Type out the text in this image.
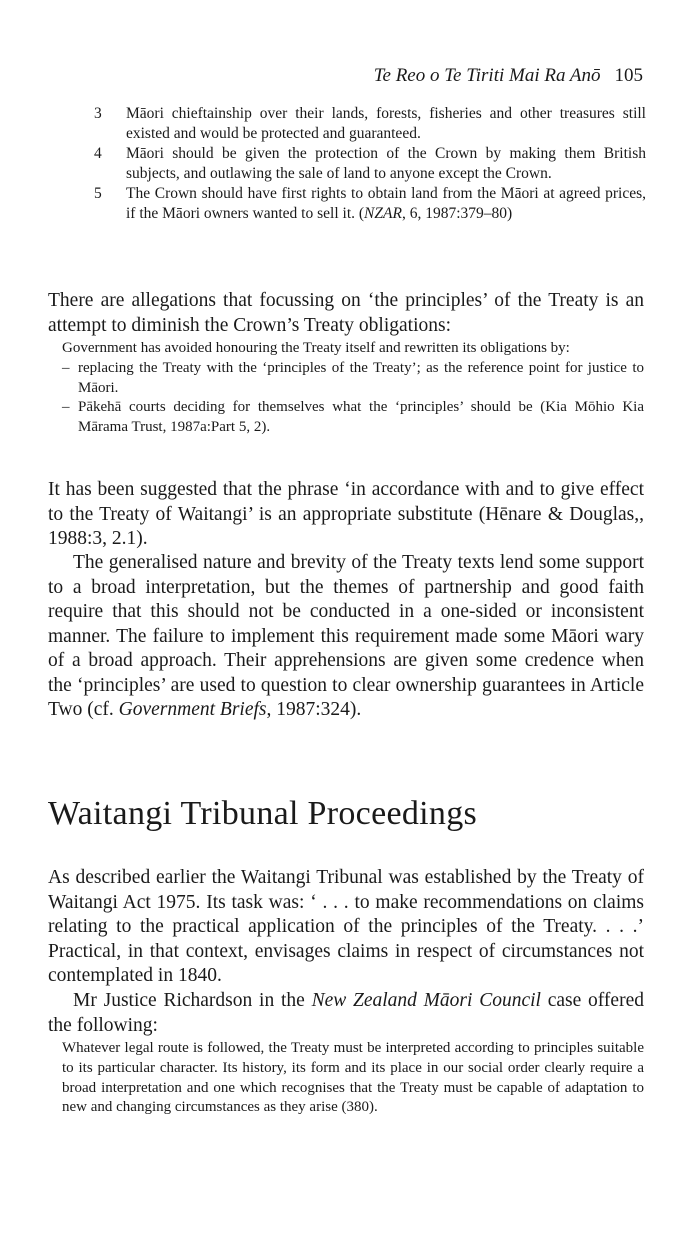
Te Reo o Te Tiriti Mai Ra Anō 105
3 Māori chieftainship over their lands, forests, fisheries and other treasures still existed and would be protected and guaranteed.
4 Māori should be given the protection of the Crown by making them British subjects, and outlawing the sale of land to anyone except the Crown.
5 The Crown should have first rights to obtain land from the Māori at agreed prices, if the Māori owners wanted to sell it. (NZAR, 6, 1987:379–80)

There are allegations that focussing on ‘the principles’ of the Treaty is an attempt to diminish the Crown’s Treaty obligations:

Government has avoided honouring the Treaty itself and rewritten its obligations by:
– replacing the Treaty with the ‘principles of the Treaty’; as the reference point for justice to Māori.
– Pākehā courts deciding for themselves what the ‘principles’ should be (Kia Mōhio Kia Mārama Trust, 1987a:Part 5, 2).

It has been suggested that the phrase ‘in accordance with and to give effect to the Treaty of Waitangi’ is an appropriate substitute (Hēnare & Douglas,, 1988:3, 2.1).

The generalised nature and brevity of the Treaty texts lend some support to a broad interpretation, but the themes of partnership and good faith require that this should not be conducted in a one-sided or inconsistent manner. The failure to implement this requirement made some Māori wary of a broad approach. Their apprehensions are given some credence when the ‘principles’ are used to question to clear ownership guarantees in Article Two (cf. Government Briefs, 1987:324).

Waitangi Tribunal Proceedings

As described earlier the Waitangi Tribunal was established by the Treaty of Waitangi Act 1975. Its task was: ‘ . . . to make recommendations on claims relating to the practical application of the principles of the Treaty. . . .’ Practical, in that context, envisages claims in respect of circumstances not contemplated in 1840.

Mr Justice Richardson in the New Zealand Māori Council case offered the following:

Whatever legal route is followed, the Treaty must be interpreted according to principles suitable to its particular character. Its history, its form and its place in our social order clearly require a broad interpretation and one which recognises that the Treaty must be capable of adaptation to new and changing circumstances as they arise (380).
